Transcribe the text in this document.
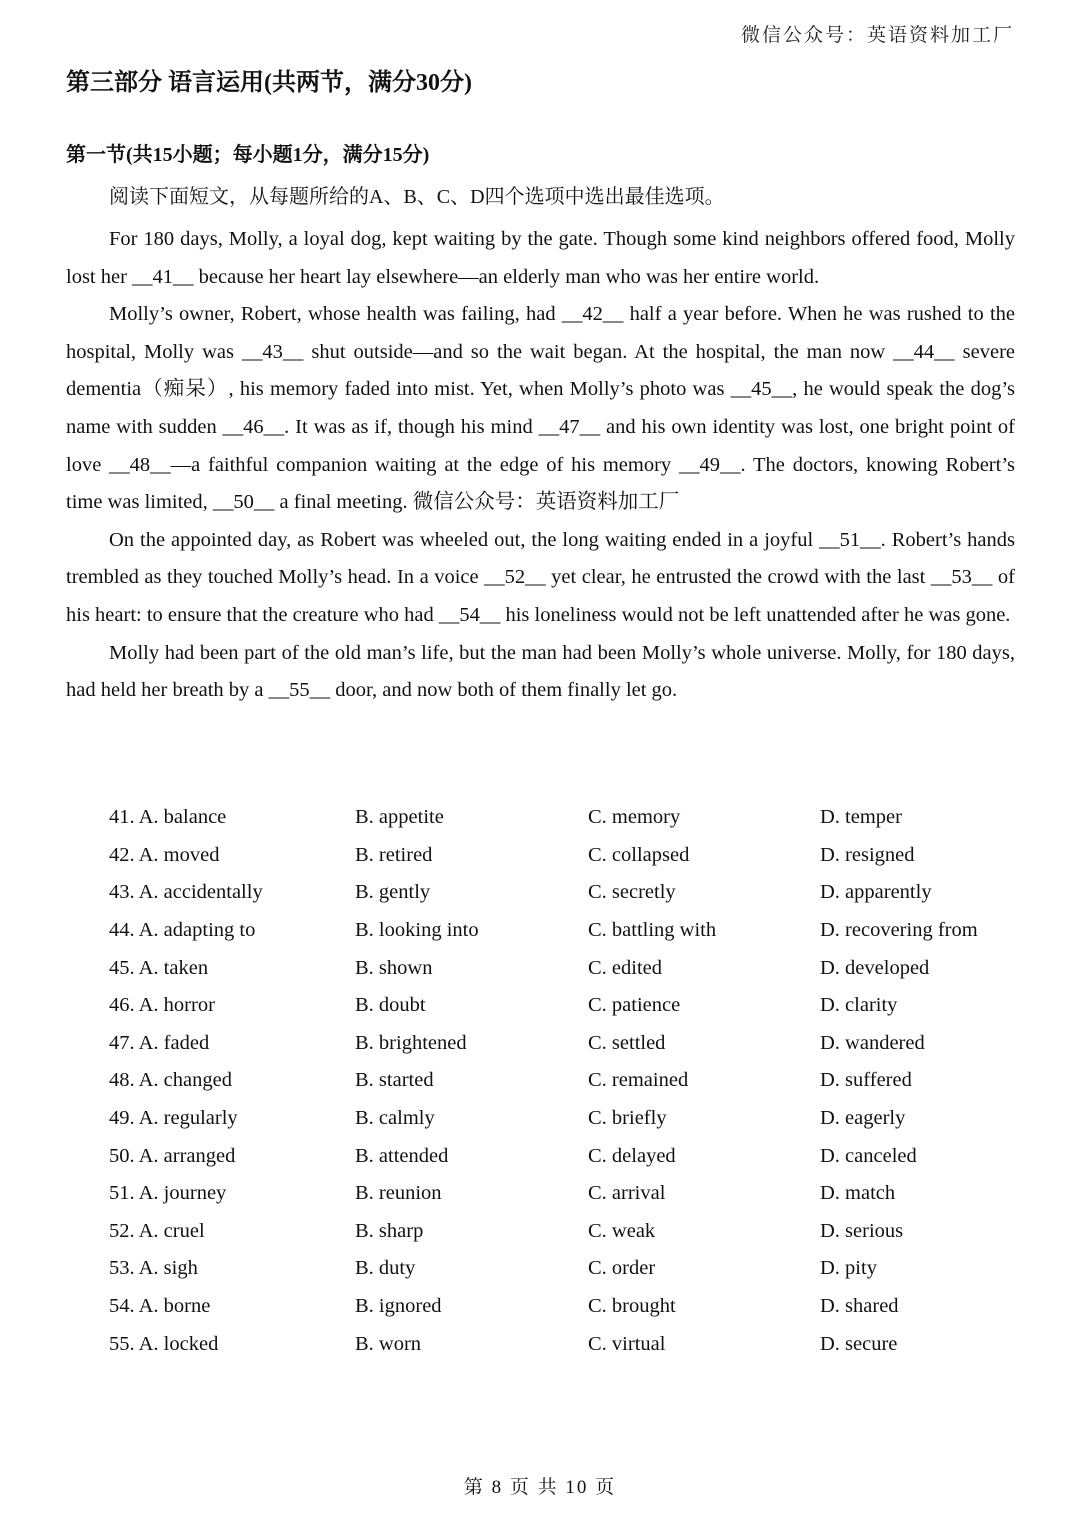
微信公众号：英语资料加工厂
第三部分 语言运用(共两节，满分30分)
第一节(共15小题；每小题1分，满分15分)

阅读下面短文，从每题所给的A、B、C、D四个选项中选出最佳选项。

For 180 days, Molly, a loyal dog, kept waiting by the gate. Though some kind neighbors offered food, Molly lost her __41__ because her heart lay elsewhere—an elderly man who was her entire world.

Molly’s owner, Robert, whose health was failing, had __42__ half a year before. When he was rushed to the hospital, Molly was __43__ shut outside—and so the wait began. At the hospital, the man now __44__ severe dementia（痴呆）, his memory faded into mist. Yet, when Molly’s photo was __45__, he would speak the dog’s name with sudden __46__. It was as if, though his mind __47__ and his own identity was lost, one bright point of love __48__—a faithful companion waiting at the edge of his memory __49__. The doctors, knowing Robert’s time was limited, __50__ a final meeting. 微信公众号：英语资料加工厂

On the appointed day, as Robert was wheeled out, the long waiting ended in a joyful __51__. Robert’s hands trembled as they touched Molly’s head. In a voice __52__ yet clear, he entrusted the crowd with the last __53__ of his heart: to ensure that the creature who had __54__ his loneliness would not be left unattended after he was gone.

Molly had been part of the old man’s life, but the man had been Molly’s whole universe. Molly, for 180 days, had held her breath by a __55__ door, and now both of them finally let go.

41. A. balance	B. appetite	C. memory	D. temper
42. A. moved	B. retired	C. collapsed	D. resigned
43. A. accidentally	B. gently	C. secretly	D. apparently
44. A. adapting to	B. looking into	C. battling with	D. recovering from
45. A. taken	B. shown	C. edited	D. developed
46. A. horror	B. doubt	C. patience	D. clarity
47. A. faded	B. brightened	C. settled	D. wandered
48. A. changed	B. started	C. remained	D. suffered
49. A. regularly	B. calmly	C. briefly	D. eagerly
50. A. arranged	B. attended	C. delayed	D. canceled
51. A. journey	B. reunion	C. arrival	D. match
52. A. cruel	B. sharp	C. weak	D. serious
53. A. sigh	B. duty	C. order	D. pity
54. A. borne	B. ignored	C. brought	D. shared
55. A. locked	B. worn	C. virtual	D. secure
第 8 页 共 10 页
